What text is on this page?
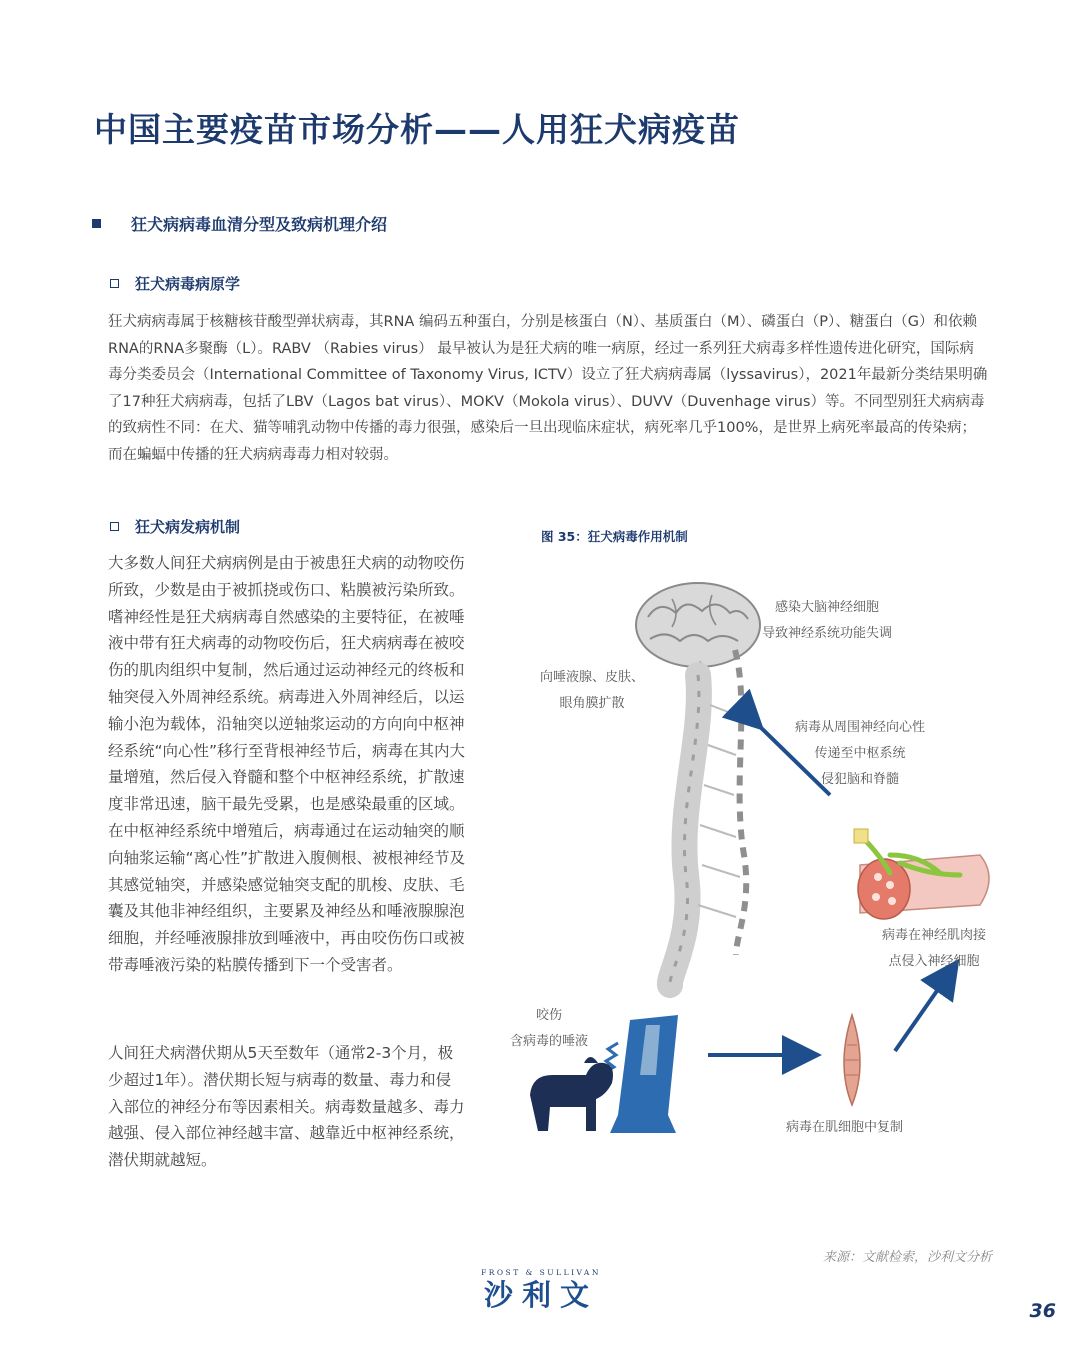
中国主要疫苗市场分析——人用狂犬病疫苗
狂犬病病毒血清分型及致病机理介绍
狂犬病毒病原学

狂犬病病毒属于核糖核苷酸型弹状病毒，其RNA 编码五种蛋白，分别是核蛋白（N）、基质蛋白（M）、磷蛋白（P）、糖蛋白（G）和依赖RNA的RNA多聚酶（L）。RABV （Rabies virus） 最早被认为是狂犬病的唯一病原，经过一系列狂犬病毒多样性遗传进化研究，国际病毒分类委员会（International Committee of Taxonomy Virus, ICTV）设立了狂犬病病毒属（lyssavirus），2021年最新分类结果明确了17种狂犬病病毒，包括了LBV（Lagos bat virus）、MOKV（Mokola virus）、DUVV（Duvenhage virus）等。不同型别狂犬病病毒的致病性不同：在犬、猫等哺乳动物中传播的毒力很强，感染后一旦出现临床症状，病死率几乎100%，是世界上病死率最高的传染病；而在蝙蝠中传播的狂犬病病毒毒力相对较弱。

狂犬病发病机制

大多数人间狂犬病病例是由于被患狂犬病的动物咬伤所致，少数是由于被抓挠或伤口、粘膜被污染所致。嗜神经性是狂犬病病毒自然感染的主要特征，在被唾液中带有狂犬病毒的动物咬伤后，狂犬病病毒在被咬伤的肌肉组织中复制，然后通过运动神经元的终板和轴突侵入外周神经系统。病毒进入外周神经后，以运输小泡为载体，沿轴突以逆轴浆运动的方向向中枢神经系统“向心性”移行至背根神经节后，病毒在其内大量增殖，然后侵入脊髓和整个中枢神经系统，扩散速度非常迅速，脑干最先受累，也是感染最重的区域。在中枢神经系统中增殖后，病毒通过在运动轴突的顺向轴浆运输“离心性”扩散进入腹侧根、被根神经节及其感觉轴突，并感染感觉轴突支配的肌梭、皮肤、毛囊及其他非神经组织，主要累及神经丛和唾液腺腺泡细胞，并经唾液腺排放到唾液中，再由咬伤伤口或被带毒唾液污染的粘膜传播到下一个受害者。

人间狂犬病潜伏期从5天至数年（通常2-3个月，极少超过1年）。潜伏期长短与病毒的数量、毒力和侵入部位的神经分布等因素相关。病毒数量越多、毒力越强、侵入部位神经越丰富、越靠近中枢神经系统，潜伏期就越短。

图 35：狂犬病毒作用机制
感染大脑神经细胞
导致神经系统功能失调
向唾液腺、皮肤、
眼角膜扩散
病毒从周围神经向心性
传递至中枢系统
侵犯脑和脊髓
病毒在神经肌肉接
点侵入神经细胞
咬伤
含病毒的唾液
病毒在肌细胞中复制
来源：文献检索，沙利文分析
FROST & SULLIVAN
沙利文	36
